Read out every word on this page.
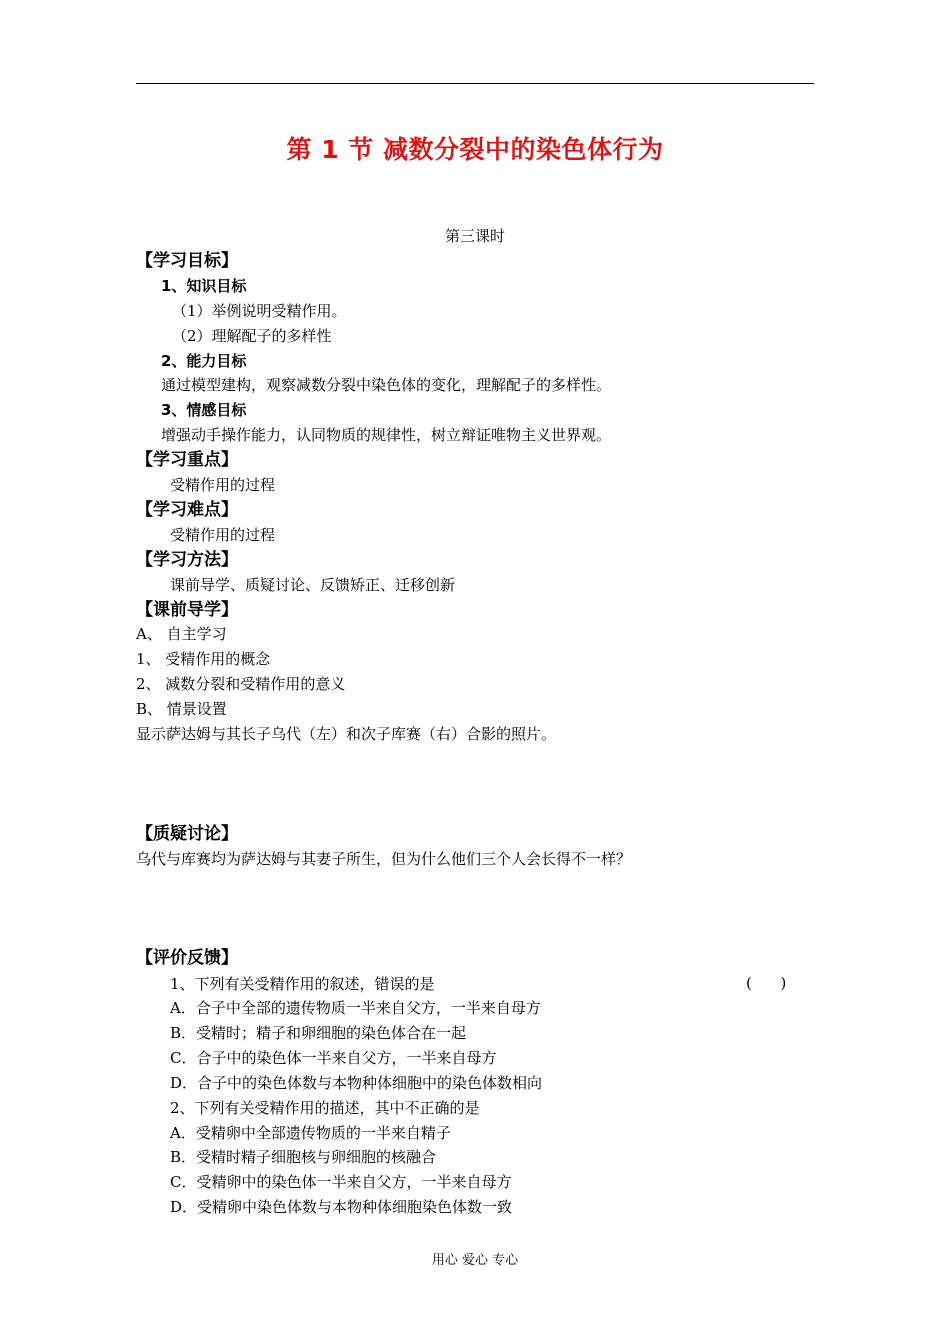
第 1 节 减数分裂中的染色体行为
第三课时
【学习目标】
1、知识目标
（1）举例说明受精作用。
（2）理解配子的多样性
2、能力目标
通过模型建构，观察减数分裂中染色体的变化，理解配子的多样性。
3、情感目标
增强动手操作能力，认同物质的规律性，树立辩证唯物主义世界观。
【学习重点】
受精作用的过程
【学习难点】
受精作用的过程
【学习方法】
课前导学、质疑讨论、反馈矫正、迁移创新
【课前导学】
A、 自主学习
1、 受精作用的概念
2、 减数分裂和受精作用的意义
B、 情景设置
显示萨达姆与其长子乌代（左）和次子库赛（右）合影的照片。
【质疑讨论】
乌代与库赛均为萨达姆与其妻子所生，但为什么他们三个人会长得不一样？
【评价反馈】
1、下列有关受精作用的叙述，错误的是	(      )
A．合子中全部的遗传物质一半来自父方，一半来自母方
B．受精时；精子和卵细胞的染色体合在一起
C．合子中的染色体一半来自父方，一半来自母方
D．合子中的染色体数与本物种体细胞中的染色体数相向
2、下列有关受精作用的描述，其中不正确的是
A．受精卵中全部遗传物质的一半来自精子
B．受精时精子细胞核与卵细胞的核融合
C．受精卵中的染色体一半来自父方，一半来自母方
D．受精卵中染色体数与本物种体细胞染色体数一致
用心 爱心 专心
